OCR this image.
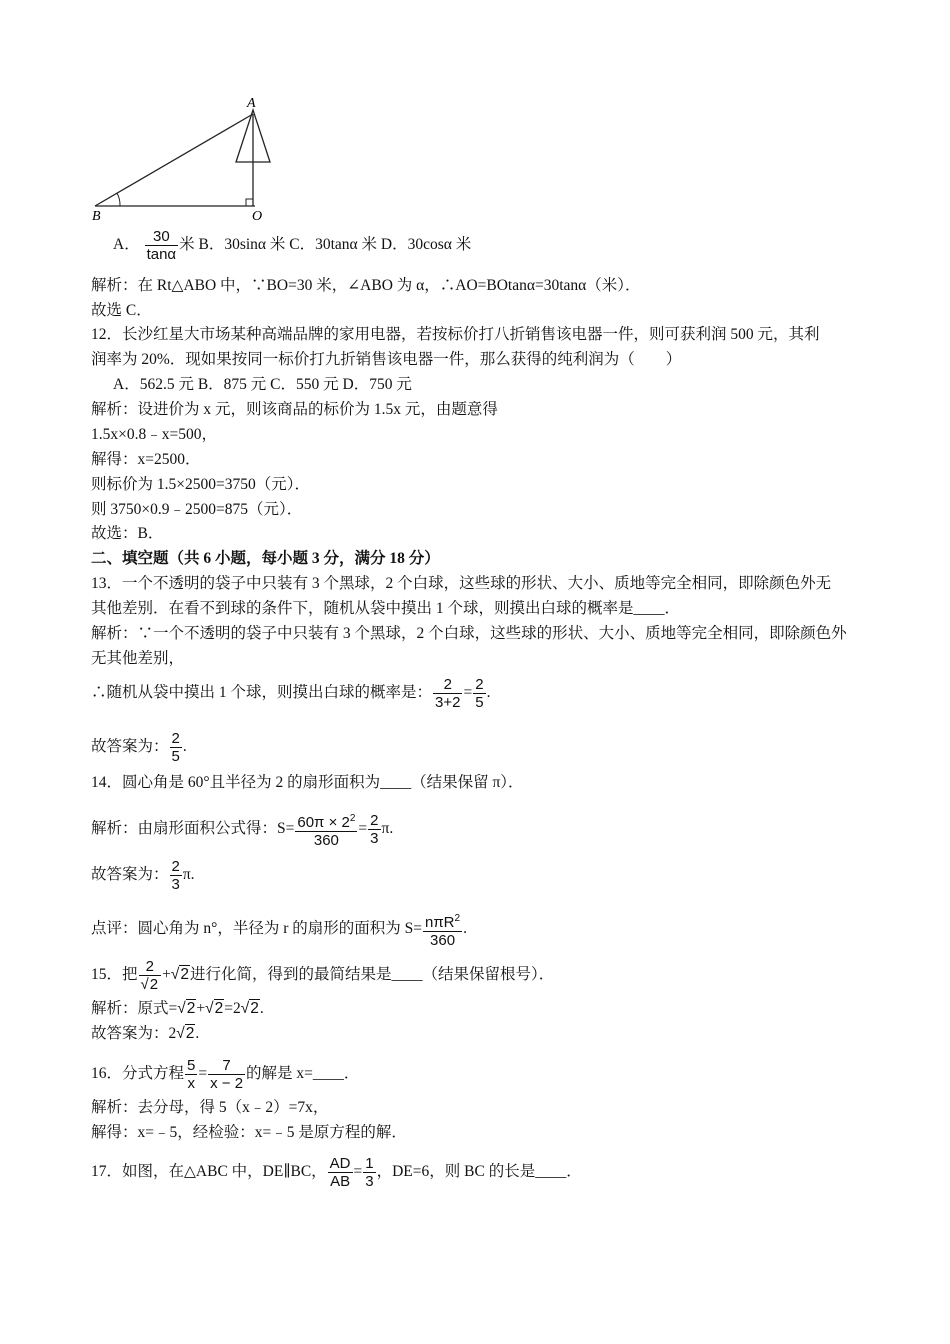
A
B	O
A． $\frac{30}{\tan\alpha}$ 米 B．30sinα 米 C．30tanα 米 D．30cosα 米
解析：在 Rt△ABO 中，∵BO=30 米，∠ABO 为 α，∴AO=BOtanα=30tanα（米）．
故选 C．
12．长沙红星大市场某种高端品牌的家用电器，若按标价打八折销售该电器一件，则可获利润 500 元，其利
润率为 20%．现如果按同一标价打九折销售该电器一件，那么获得的纯利润为（　　）
A．562.5 元 B．875 元 C．550 元 D．750 元
解析：设进价为 x 元，则该商品的标价为 1.5x 元，由题意得
1.5x×0.8﹣x=500，
解得：x=2500．
则标价为 1.5×2500=3750（元）．
则 3750×0.9﹣2500=875（元）．
故选：B．
二、填空题（共 6 小题，每小题 3 分，满分 18 分）
13．一个不透明的袋子中只装有 3 个黑球，2 个白球，这些球的形状、大小、质地等完全相同，即除颜色外无
其他差别．在看不到球的条件下，随机从袋中摸出 1 个球，则摸出白球的概率是____．
解析：∵一个不透明的袋子中只装有 3 个黑球，2 个白球，这些球的形状、大小、质地等完全相同，即除颜色外
无其他差别，
∴随机从袋中摸出 1 个球，则摸出白球的概率是： $\frac{2}{3+2} = \frac{2}{5}$ .
故答案为： $\frac{2}{5}$ .
14．圆心角是 60°且半径为 2 的扇形面积为____（结果保留 π）．
解析：由扇形面积公式得：$S= \frac{60\pi \times 2^2}{360} = \frac{2}{3} \pi$.
故答案为： $\frac{2}{3} \pi$.
点评：圆心角为 n°，半径为 r 的扇形的面积为 $S= \frac{n\pi R^2}{360}$ .
15．把 $\frac{2}{√2} +√2$进行化简，得到的最简结果是____（结果保留根号）．
解析：原式=√2+√2=2√2.
故答案为：2√2.
16．分式方程 $\frac{5}{x} = \frac{7}{x - 2}$ 的解是 x=____．
解析：去分母，得 5（x﹣2）=7x，
解得：x=﹣5，经检验：x=﹣5 是原方程的解．
17．如图，在△ABC 中，DE∥BC， $\frac{AD}{AB} = \frac{1}{3}$ ，DE=6，则 BC 的长是____．
